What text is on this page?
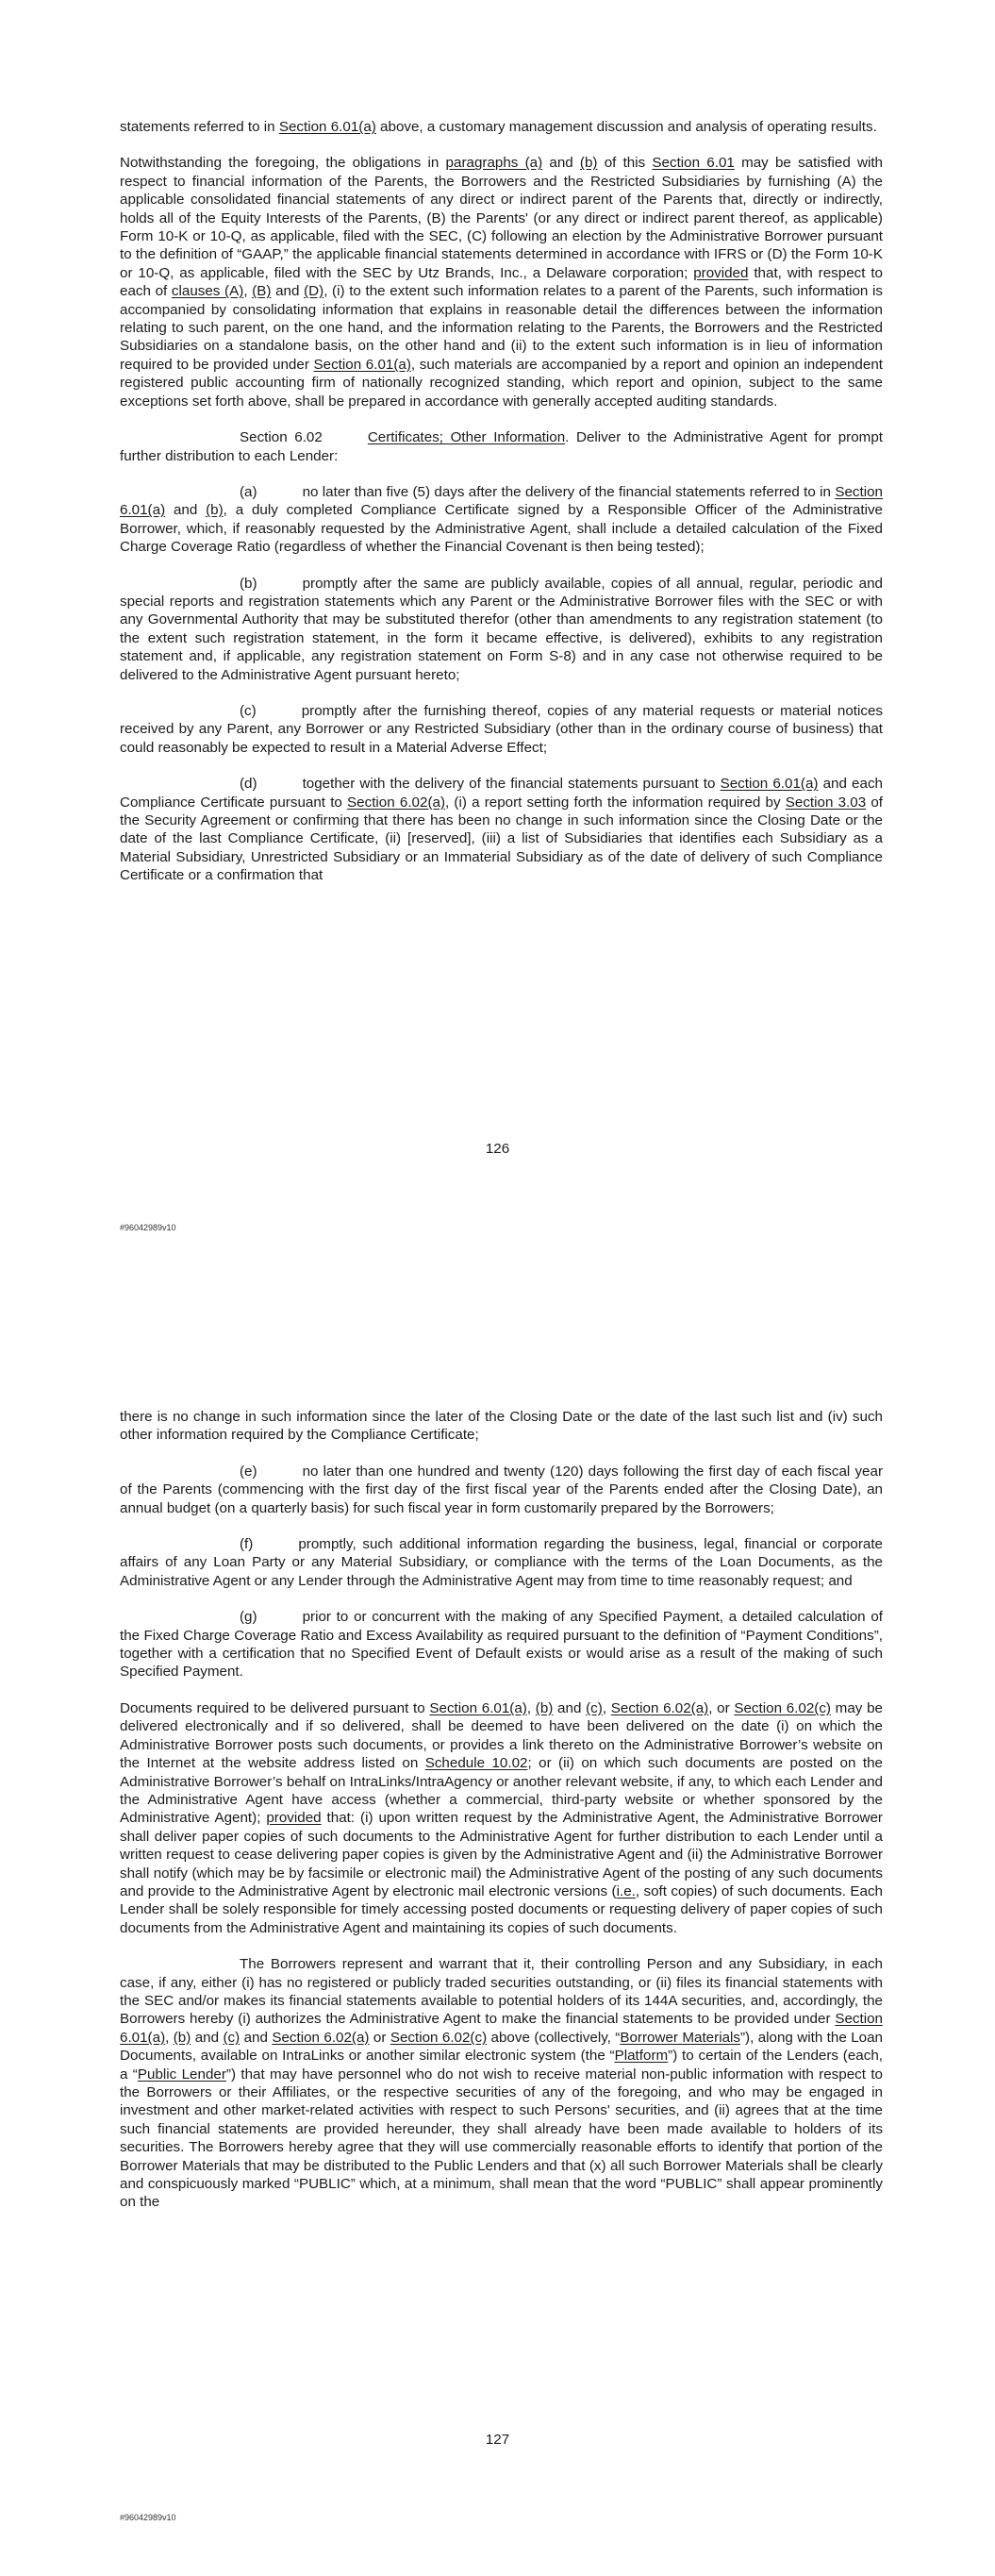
statements referred to in Section 6.01(a) above, a customary management discussion and analysis of operating results.

Notwithstanding the foregoing, the obligations in paragraphs (a) and (b) of this Section 6.01 may be satisfied with respect to financial information of the Parents, the Borrowers and the Restricted Subsidiaries by furnishing (A) the applicable consolidated financial statements of any direct or indirect parent of the Parents that, directly or indirectly, holds all of the Equity Interests of the Parents, (B) the Parents' (or any direct or indirect parent thereof, as applicable) Form 10-K or 10-Q, as applicable, filed with the SEC, (C) following an election by the Administrative Borrower pursuant to the definition of “GAAP,” the applicable financial statements determined in accordance with IFRS or (D) the Form 10-K or 10-Q, as applicable, filed with the SEC by Utz Brands, Inc., a Delaware corporation; provided that, with respect to each of clauses (A), (B) and (D), (i) to the extent such information relates to a parent of the Parents, such information is accompanied by consolidating information that explains in reasonable detail the differences between the information relating to such parent, on the one hand, and the information relating to the Parents, the Borrowers and the Restricted Subsidiaries on a standalone basis, on the other hand and (ii) to the extent such information is in lieu of information required to be provided under Section 6.01(a), such materials are accompanied by a report and opinion an independent registered public accounting firm of nationally recognized standing, which report and opinion, subject to the same exceptions set forth above, shall be prepared in accordance with generally accepted auditing standards.

Section 6.02	Certificates; Other Information. Deliver to the Administrative Agent for prompt further distribution to each Lender:

(a)	no later than five (5) days after the delivery of the financial statements referred to in Section 6.01(a) and (b), a duly completed Compliance Certificate signed by a Responsible Officer of the Administrative Borrower, which, if reasonably requested by the Administrative Agent, shall include a detailed calculation of the Fixed Charge Coverage Ratio (regardless of whether the Financial Covenant is then being tested);

(b)	promptly after the same are publicly available, copies of all annual, regular, periodic and special reports and registration statements which any Parent or the Administrative Borrower files with the SEC or with any Governmental Authority that may be substituted therefor (other than amendments to any registration statement (to the extent such registration statement, in the form it became effective, is delivered), exhibits to any registration statement and, if applicable, any registration statement on Form S-8) and in any case not otherwise required to be delivered to the Administrative Agent pursuant hereto;

(c)	promptly after the furnishing thereof, copies of any material requests or material notices received by any Parent, any Borrower or any Restricted Subsidiary (other than in the ordinary course of business) that could reasonably be expected to result in a Material Adverse Effect;

(d)	together with the delivery of the financial statements pursuant to Section 6.01(a) and each Compliance Certificate pursuant to Section 6.02(a), (i) a report setting forth the information required by Section 3.03 of the Security Agreement or confirming that there has been no change in such information since the Closing Date or the date of the last Compliance Certificate, (ii) [reserved], (iii) a list of Subsidiaries that identifies each Subsidiary as a Material Subsidiary, Unrestricted Subsidiary or an Immaterial Subsidiary as of the date of delivery of such Compliance Certificate or a confirmation that

126
#96042989v10

there is no change in such information since the later of the Closing Date or the date of the last such list and (iv) such other information required by the Compliance Certificate;

(e)	no later than one hundred and twenty (120) days following the first day of each fiscal year of the Parents (commencing with the first day of the first fiscal year of the Parents ended after the Closing Date), an annual budget (on a quarterly basis) for such fiscal year in form customarily prepared by the Borrowers;

(f)	promptly, such additional information regarding the business, legal, financial or corporate affairs of any Loan Party or any Material Subsidiary, or compliance with the terms of the Loan Documents, as the Administrative Agent or any Lender through the Administrative Agent may from time to time reasonably request; and

(g)	prior to or concurrent with the making of any Specified Payment, a detailed calculation of the Fixed Charge Coverage Ratio and Excess Availability as required pursuant to the definition of “Payment Conditions”, together with a certification that no Specified Event of Default exists or would arise as a result of the making of such Specified Payment.

Documents required to be delivered pursuant to Section 6.01(a), (b) and (c), Section 6.02(a), or Section 6.02(c) may be delivered electronically and if so delivered, shall be deemed to have been delivered on the date (i) on which the Administrative Borrower posts such documents, or provides a link thereto on the Administrative Borrower’s website on the Internet at the website address listed on Schedule 10.02; or (ii) on which such documents are posted on the Administrative Borrower’s behalf on IntraLinks/IntraAgency or another relevant website, if any, to which each Lender and the Administrative Agent have access (whether a commercial, third-party website or whether sponsored by the Administrative Agent); provided that: (i) upon written request by the Administrative Agent, the Administrative Borrower shall deliver paper copies of such documents to the Administrative Agent for further distribution to each Lender until a written request to cease delivering paper copies is given by the Administrative Agent and (ii) the Administrative Borrower shall notify (which may be by facsimile or electronic mail) the Administrative Agent of the posting of any such documents and provide to the Administrative Agent by electronic mail electronic versions (i.e., soft copies) of such documents. Each Lender shall be solely responsible for timely accessing posted documents or requesting delivery of paper copies of such documents from the Administrative Agent and maintaining its copies of such documents.

The Borrowers represent and warrant that it, their controlling Person and any Subsidiary, in each case, if any, either (i) has no registered or publicly traded securities outstanding, or (ii) files its financial statements with the SEC and/or makes its financial statements available to potential holders of its 144A securities, and, accordingly, the Borrowers hereby (i) authorizes the Administrative Agent to make the financial statements to be provided under Section 6.01(a), (b) and (c) and Section 6.02(a) or Section 6.02(c) above (collectively, “Borrower Materials”), along with the Loan Documents, available on IntraLinks or another similar electronic system (the “Platform”) to certain of the Lenders (each, a “Public Lender”) that may have personnel who do not wish to receive material non-public information with respect to the Borrowers or their Affiliates, or the respective securities of any of the foregoing, and who may be engaged in investment and other market-related activities with respect to such Persons' securities, and (ii) agrees that at the time such financial statements are provided hereunder, they shall already have been made available to holders of its securities. The Borrowers hereby agree that they will use commercially reasonable efforts to identify that portion of the Borrower Materials that may be distributed to the Public Lenders and that (x) all such Borrower Materials shall be clearly and conspicuously marked “PUBLIC” which, at a minimum, shall mean that the word “PUBLIC” shall appear prominently on the

127
#96042989v10
